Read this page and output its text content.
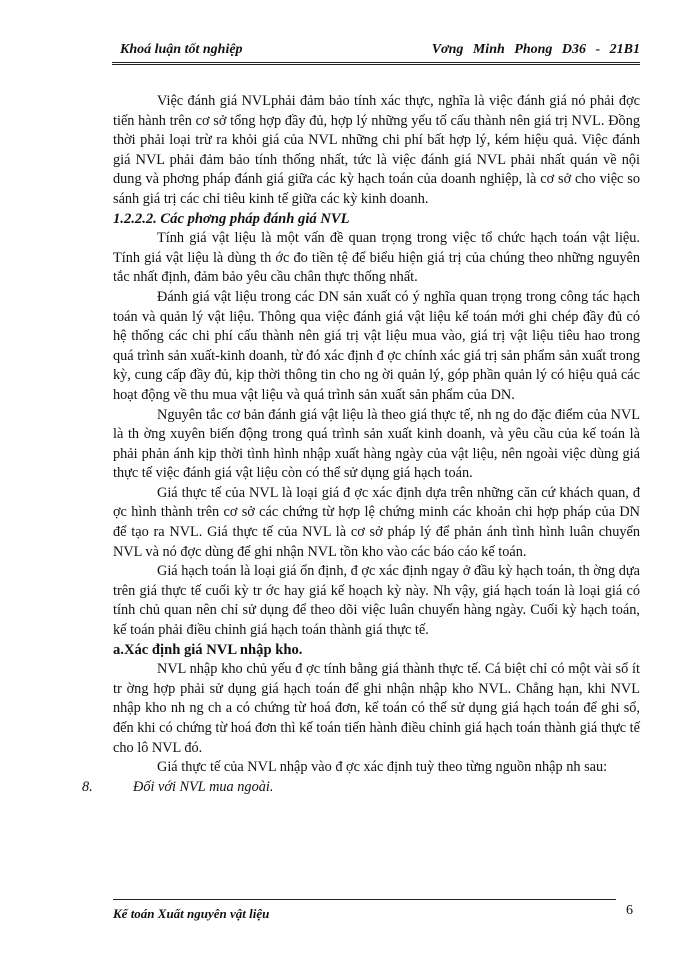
Khoá luận tốt nghiệp	Vơng Minh Phong D36 - 21B1

Việc đánh giá NVLphải đảm bảo tính xác thực, nghĩa là việc đánh giá nó phải đợc tiến hành trên cơ sở tổng hợp đầy đủ, hợp lý những yếu tố cấu thành nên giá trị NVL. Đồng thời phải loại trừ ra khỏi giá của NVL những chi phí bất hợp lý, kém hiệu quả. Việc đánh giá NVL phải đảm bảo tính thống nhất, tức là việc đánh giá NVL phải nhất quán về nội dung và phơng pháp đánh giá giữa các kỳ hạch toán của doanh nghiệp, là cơ sở cho việc so sánh giá trị các chỉ tiêu kinh tế giữa các kỳ kinh doanh.

1.2.2.2. Các phơng pháp đánh giá NVL

Tính giá vật liệu là một vấn đề quan trọng trong việc tổ chức hạch toán vật liệu. Tính giá vật liệu là dùng th ớc đo tiền tệ để biểu hiện giá trị của chúng theo những nguyên tắc nhất định, đảm bảo yêu cầu chân thực thống nhất.

Đánh giá vật liệu trong các DN sản xuất có ý nghĩa quan trọng trong công tác hạch toán và quản lý vật liệu. Thông qua việc đánh giá vật liệu kế toán mới ghi chép đầy đủ có hệ thống các chi phí cấu thành nên giá trị vật liệu mua vào, giá trị vật liệu tiêu hao trong quá trình sản xuất-kinh doanh, từ đó xác định đ ợc chính xác giá trị sản phẩm sản xuất trong kỳ, cung cấp đầy đủ, kịp thời thông tin cho ng ời quản lý, góp phần quản lý có hiệu quả các hoạt động về thu mua vật liệu và quá trình sản xuất sản phẩm của DN.

Nguyên tắc cơ bản đánh giá vật liệu là theo giá thực tế, nh ng do đặc điểm của NVL là th ờng xuyên biến động trong quá trình sản xuất kinh doanh, và yêu cầu của kế toán là phải phản ánh kịp thời tình hình nhập xuất hàng ngày của vật liệu, nên ngoài việc dùng giá thực tế việc đánh giá vật liệu còn có thể sử dụng giá hạch toán.

Giá thực tế của NVL là loại giá đ ợc xác định dựa trên những căn cứ khách quan, đ ợc hình thành trên cơ sở các chứng từ hợp lệ chứng minh các khoản chi hợp pháp của DN để tạo ra NVL. Giá thực tế của NVL là cơ sở pháp lý để phản ánh tình hình luân chuyển NVL và nó đợc dùng để ghi nhận NVL tồn kho vào các báo cáo kế toán.

Giá hạch toán là loại giá ổn định, đ ợc xác định ngay ở đầu kỳ hạch toán, th ờng dựa trên giá thực tế cuối kỳ tr ớc hay giá kế hoạch kỳ này. Nh vậy, giá hạch toán là loại giá có tính chủ quan nên chỉ sử dụng để theo dõi việc luân chuyển hàng ngày. Cuối kỳ hạch toán, kế toán phải điều chỉnh giá hạch toán thành giá thực tế.

a.Xác định giá NVL nhập kho.

NVL nhập kho chủ yếu đ ợc tính bằng giá thành thực tế. Cá biệt chỉ có một vài số ít tr ờng hợp phải sử dụng giá hạch toán để ghi nhận nhập kho NVL. Chẳng hạn, khi NVL nhập kho nh ng ch a có chứng từ hoá đơn, kế toán có thể sử dụng giá hạch toán để ghi sổ, đến khi có chứng từ hoá đơn thì kế toán tiến hành điều chỉnh giá hạch toán thành giá thực tế cho lô NVL đó.

Giá thực tế của NVL nhập vào đ ợc xác định tuỳ theo từng nguồn nhập nh sau:

8.	Đối với NVL mua ngoài.

Kế toán Xuất nguyên vật liệu	6
